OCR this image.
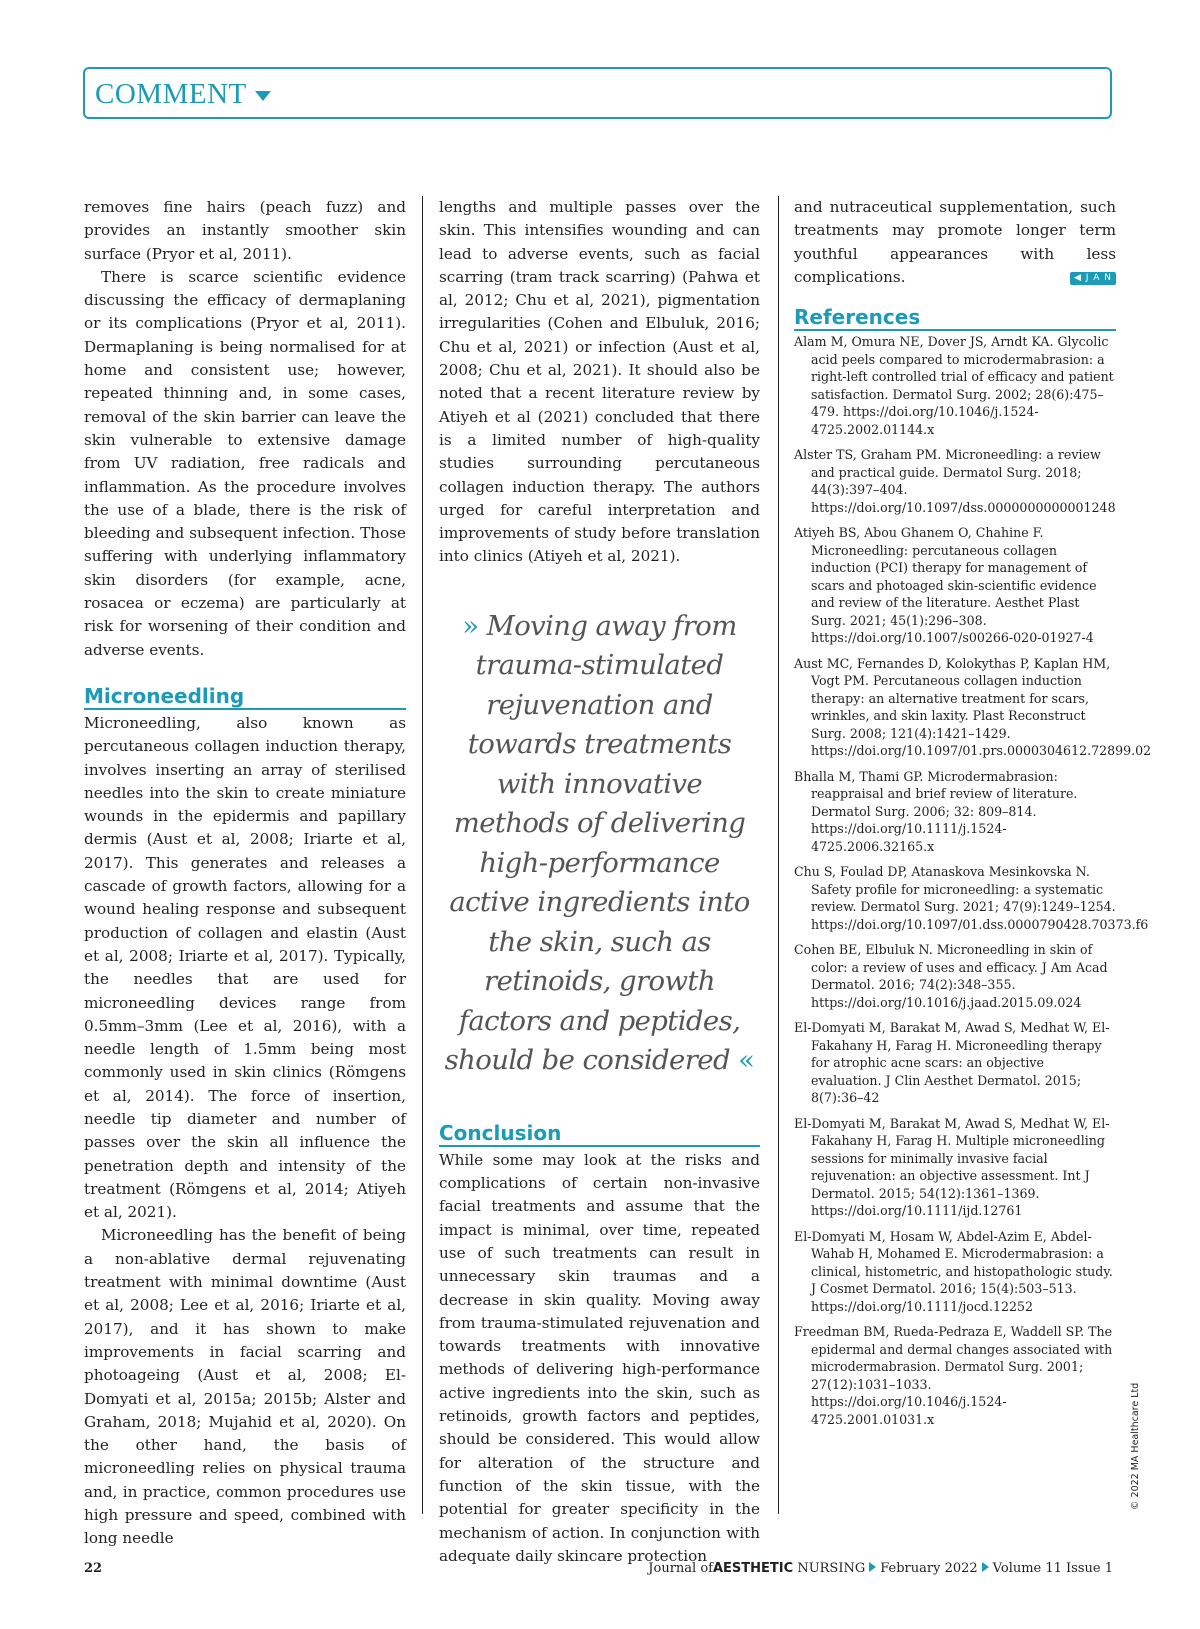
COMMENT

removes fine hairs (peach fuzz) and provides an instantly smoother skin surface (Pryor et al, 2011).

There is scarce scientific evidence discussing the efficacy of dermaplaning or its complications (Pryor et al, 2011). Dermaplaning is being normalised for at home and consistent use; however, repeated thinning and, in some cases, removal of the skin barrier can leave the skin vulnerable to extensive damage from UV radiation, free radicals and inflammation. As the procedure involves the use of a blade, there is the risk of bleeding and subsequent infection. Those suffering with underlying inflammatory skin disorders (for example, acne, rosacea or eczema) are particularly at risk for worsening of their condition and adverse events.

Microneedling

Microneedling, also known as percutaneous collagen induction therapy, involves inserting an array of sterilised needles into the skin to create miniature wounds in the epidermis and papillary dermis (Aust et al, 2008; Iriarte et al, 2017). This generates and releases a cascade of growth factors, allowing for a wound healing response and subsequent production of collagen and elastin (Aust et al, 2008; Iriarte et al, 2017). Typically, the needles that are used for microneedling devices range from 0.5mm–3mm (Lee et al, 2016), with a needle length of 1.5mm being most commonly used in skin clinics (Römgens et al, 2014). The force of insertion, needle tip diameter and number of passes over the skin all influence the penetration depth and intensity of the treatment (Römgens et al, 2014; Atiyeh et al, 2021).

Microneedling has the benefit of being a non-ablative dermal rejuvenating treatment with minimal downtime (Aust et al, 2008; Lee et al, 2016; Iriarte et al, 2017), and it has shown to make improvements in facial scarring and photoageing (Aust et al, 2008; El-Domyati et al, 2015a; 2015b; Alster and Graham, 2018; Mujahid et al, 2020). On the other hand, the basis of microneedling relies on physical trauma and, in practice, common procedures use high pressure and speed, combined with long needle

lengths and multiple passes over the skin. This intensifies wounding and can lead to adverse events, such as facial scarring (tram track scarring) (Pahwa et al, 2012; Chu et al, 2021), pigmentation irregularities (Cohen and Elbuluk, 2016; Chu et al, 2021) or infection (Aust et al, 2008; Chu et al, 2021). It should also be noted that a recent literature review by Atiyeh et al (2021) concluded that there is a limited number of high-quality studies surrounding percutaneous collagen induction therapy. The authors urged for careful interpretation and improvements of study before translation into clinics (Atiyeh et al, 2021).

» Moving away from trauma-stimulated rejuvenation and towards treatments with innovative methods of delivering high-performance active ingredients into the skin, such as retinoids, growth factors and peptides, should be considered «
Conclusion

While some may look at the risks and complications of certain non-invasive facial treatments and assume that the impact is minimal, over time, repeated use of such treatments can result in unnecessary skin traumas and a decrease in skin quality. Moving away from trauma-stimulated rejuvenation and towards treatments with innovative methods of delivering high-performance active ingredients into the skin, such as retinoids, growth factors and peptides, should be considered. This would allow for alteration of the structure and function of the skin tissue, with the potential for greater specificity in the mechanism of action. In conjunction with adequate daily skincare protection

and nutraceutical supplementation, such treatments may promote longer term youthful appearances with less complications.	◀ J A N

References
Alam M, Omura NE, Dover JS, Arndt KA. Glycolic acid peels compared to microdermabrasion: a right-left controlled trial of efficacy and patient satisfaction. Dermatol Surg. 2002; 28(6):475–479. https://doi.org/10.1046/j.1524- 4725.2002.01144.x
Alster TS, Graham PM. Microneedling: a review and practical guide. Dermatol Surg. 2018; 44(3):397–404. https://doi.org/10.1097/dss.0000000000001248
Atiyeh BS, Abou Ghanem O, Chahine F. Microneedling: percutaneous collagen induction (PCI) therapy for management of scars and photoaged skin-scientific evidence and review of the literature. Aesthet Plast Surg. 2021; 45(1):296–308. https://doi.org/10.1007/s00266-020-01927-4
Aust MC, Fernandes D, Kolokythas P, Kaplan HM, Vogt PM. Percutaneous collagen induction therapy: an alternative treatment for scars, wrinkles, and skin laxity. Plast Reconstruct Surg. 2008; 121(4):1421–1429. https://doi.org/10.1097/01.prs.0000304612.72899.02
Bhalla M, Thami GP. Microdermabrasion: reappraisal and brief review of literature. Dermatol Surg. 2006; 32: 809–814. https://doi.org/10.1111/j.1524- 4725.2006.32165.x
Chu S, Foulad DP, Atanaskova Mesinkovska N. Safety profile for microneedling: a systematic review. Dermatol Surg. 2021; 47(9):1249–1254. https://doi.org/10.1097/01.dss.0000790428.70373.f6
Cohen BE, Elbuluk N. Microneedling in skin of color: a review of uses and efficacy. J Am Acad Dermatol. 2016; 74(2):348–355. https://doi.org/10.1016/j.jaad.2015.09.024
El-Domyati M, Barakat M, Awad S, Medhat W, El-Fakahany H, Farag H. Microneedling therapy for atrophic acne scars: an objective evaluation. J Clin Aesthet Dermatol. 2015; 8(7):36–42
El-Domyati M, Barakat M, Awad S, Medhat W, El-Fakahany H, Farag H. Multiple microneedling sessions for minimally invasive facial rejuvenation: an objective assessment. Int J Dermatol. 2015; 54(12):1361–1369. https://doi.org/10.1111/ijd.12761
El-Domyati M, Hosam W, Abdel-Azim E, Abdel-Wahab H, Mohamed E. Microdermabrasion: a clinical, histometric, and histopathologic study. J Cosmet Dermatol. 2016; 15(4):503–513. https://doi.org/10.1111/jocd.12252
Freedman BM, Rueda-Pedraza E, Waddell SP. The epidermal and dermal changes associated with microdermabrasion. Dermatol Surg. 2001; 27(12):1031–1033. https://doi.org/10.1046/j.1524-4725.2001.01031.x	© 2022 MA Healthcare Ltd
22	Journal ofAESTHETIC NURSING February 2022 Volume 11 Issue 1
